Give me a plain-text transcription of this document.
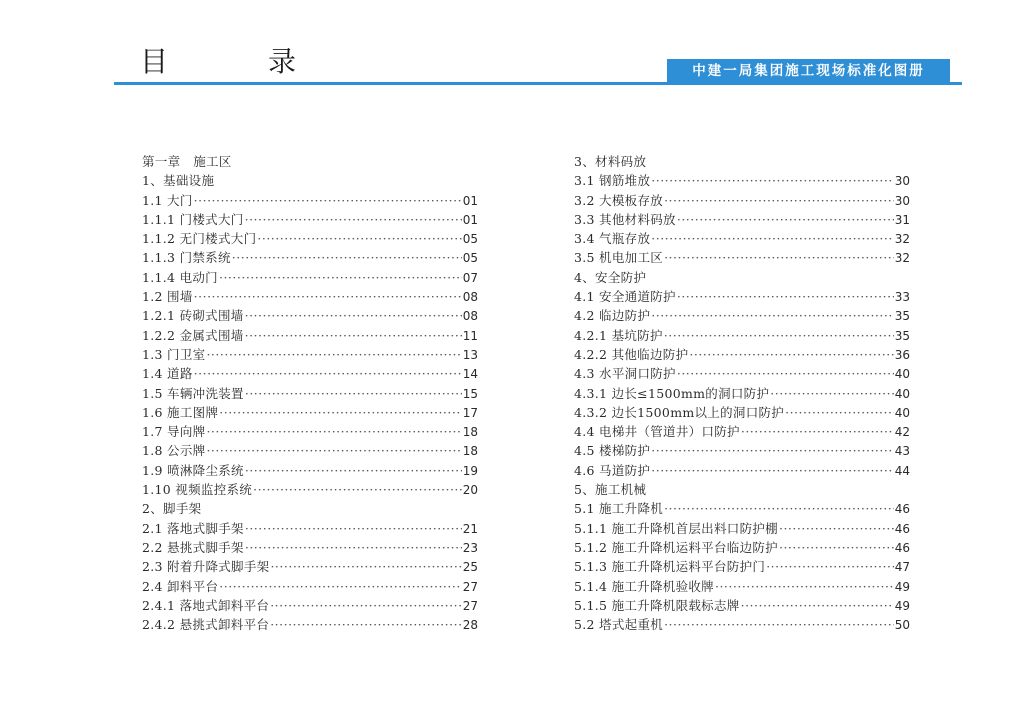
目　录	中建一局集团施工现场标准化图册
第一章　施工区
1、基础设施
1.1 大门 ·····	01
1.1.1 门楼式大门 ·····	01
1.1.2 无门楼式大门 ·····	05
1.1.3 门禁系统 ·····	05
1.1.4 电动门 ·····	07
1.2 围墙 ·····	08
1.2.1 砖砌式围墙 ·····	08
1.2.2 金属式围墙 ·····	11
1.3 门卫室 ·····	13
1.4 道路 ·····	14
1.5 车辆冲洗装置 ·····	15
1.6 施工图牌 ·····	17
1.7 导向牌 ·····	18
1.8 公示牌 ·····	18
1.9 喷淋降尘系统 ·····	19
1.10 视频监控系统 ·····	20
2、脚手架
2.1 落地式脚手架 ·····	21
2.2 悬挑式脚手架 ·····	23
2.3 附着升降式脚手架 ·····	25
2.4 卸料平台 ·····	27
2.4.1 落地式卸料平台 ·····	27
2.4.2 悬挑式卸料平台 ·····	28
3、材料码放
3.1 钢筋堆放 ·····	30
3.2 大模板存放 ·····	30
3.3 其他材料码放 ·····	31
3.4 气瓶存放 ·····	32
3.5 机电加工区 ·····	32
4、安全防护
4.1 安全通道防护 ·····	33
4.2 临边防护 ·····	35
4.2.1 基坑防护 ·····	35
4.2.2 其他临边防护 ·····	36
4.3 水平洞口防护 ·····	40
4.3.1 边长≤1500mm的洞口防护 ·····	40
4.3.2 边长1500mm以上的洞口防护 ·····	40
4.4 电梯井（管道井）口防护 ·····	42
4.5 楼梯防护 ·····	43
4.6 马道防护 ·····	44
5、施工机械
5.1 施工升降机 ·····	46
5.1.1 施工升降机首层出料口防护棚 ·····	46
5.1.2 施工升降机运料平台临边防护 ·····	46
5.1.3 施工升降机运料平台防护门 ·····	47
5.1.4 施工升降机验收牌 ·····	49
5.1.5 施工升降机限载标志牌 ·····	49
5.2 塔式起重机 ·····	50
